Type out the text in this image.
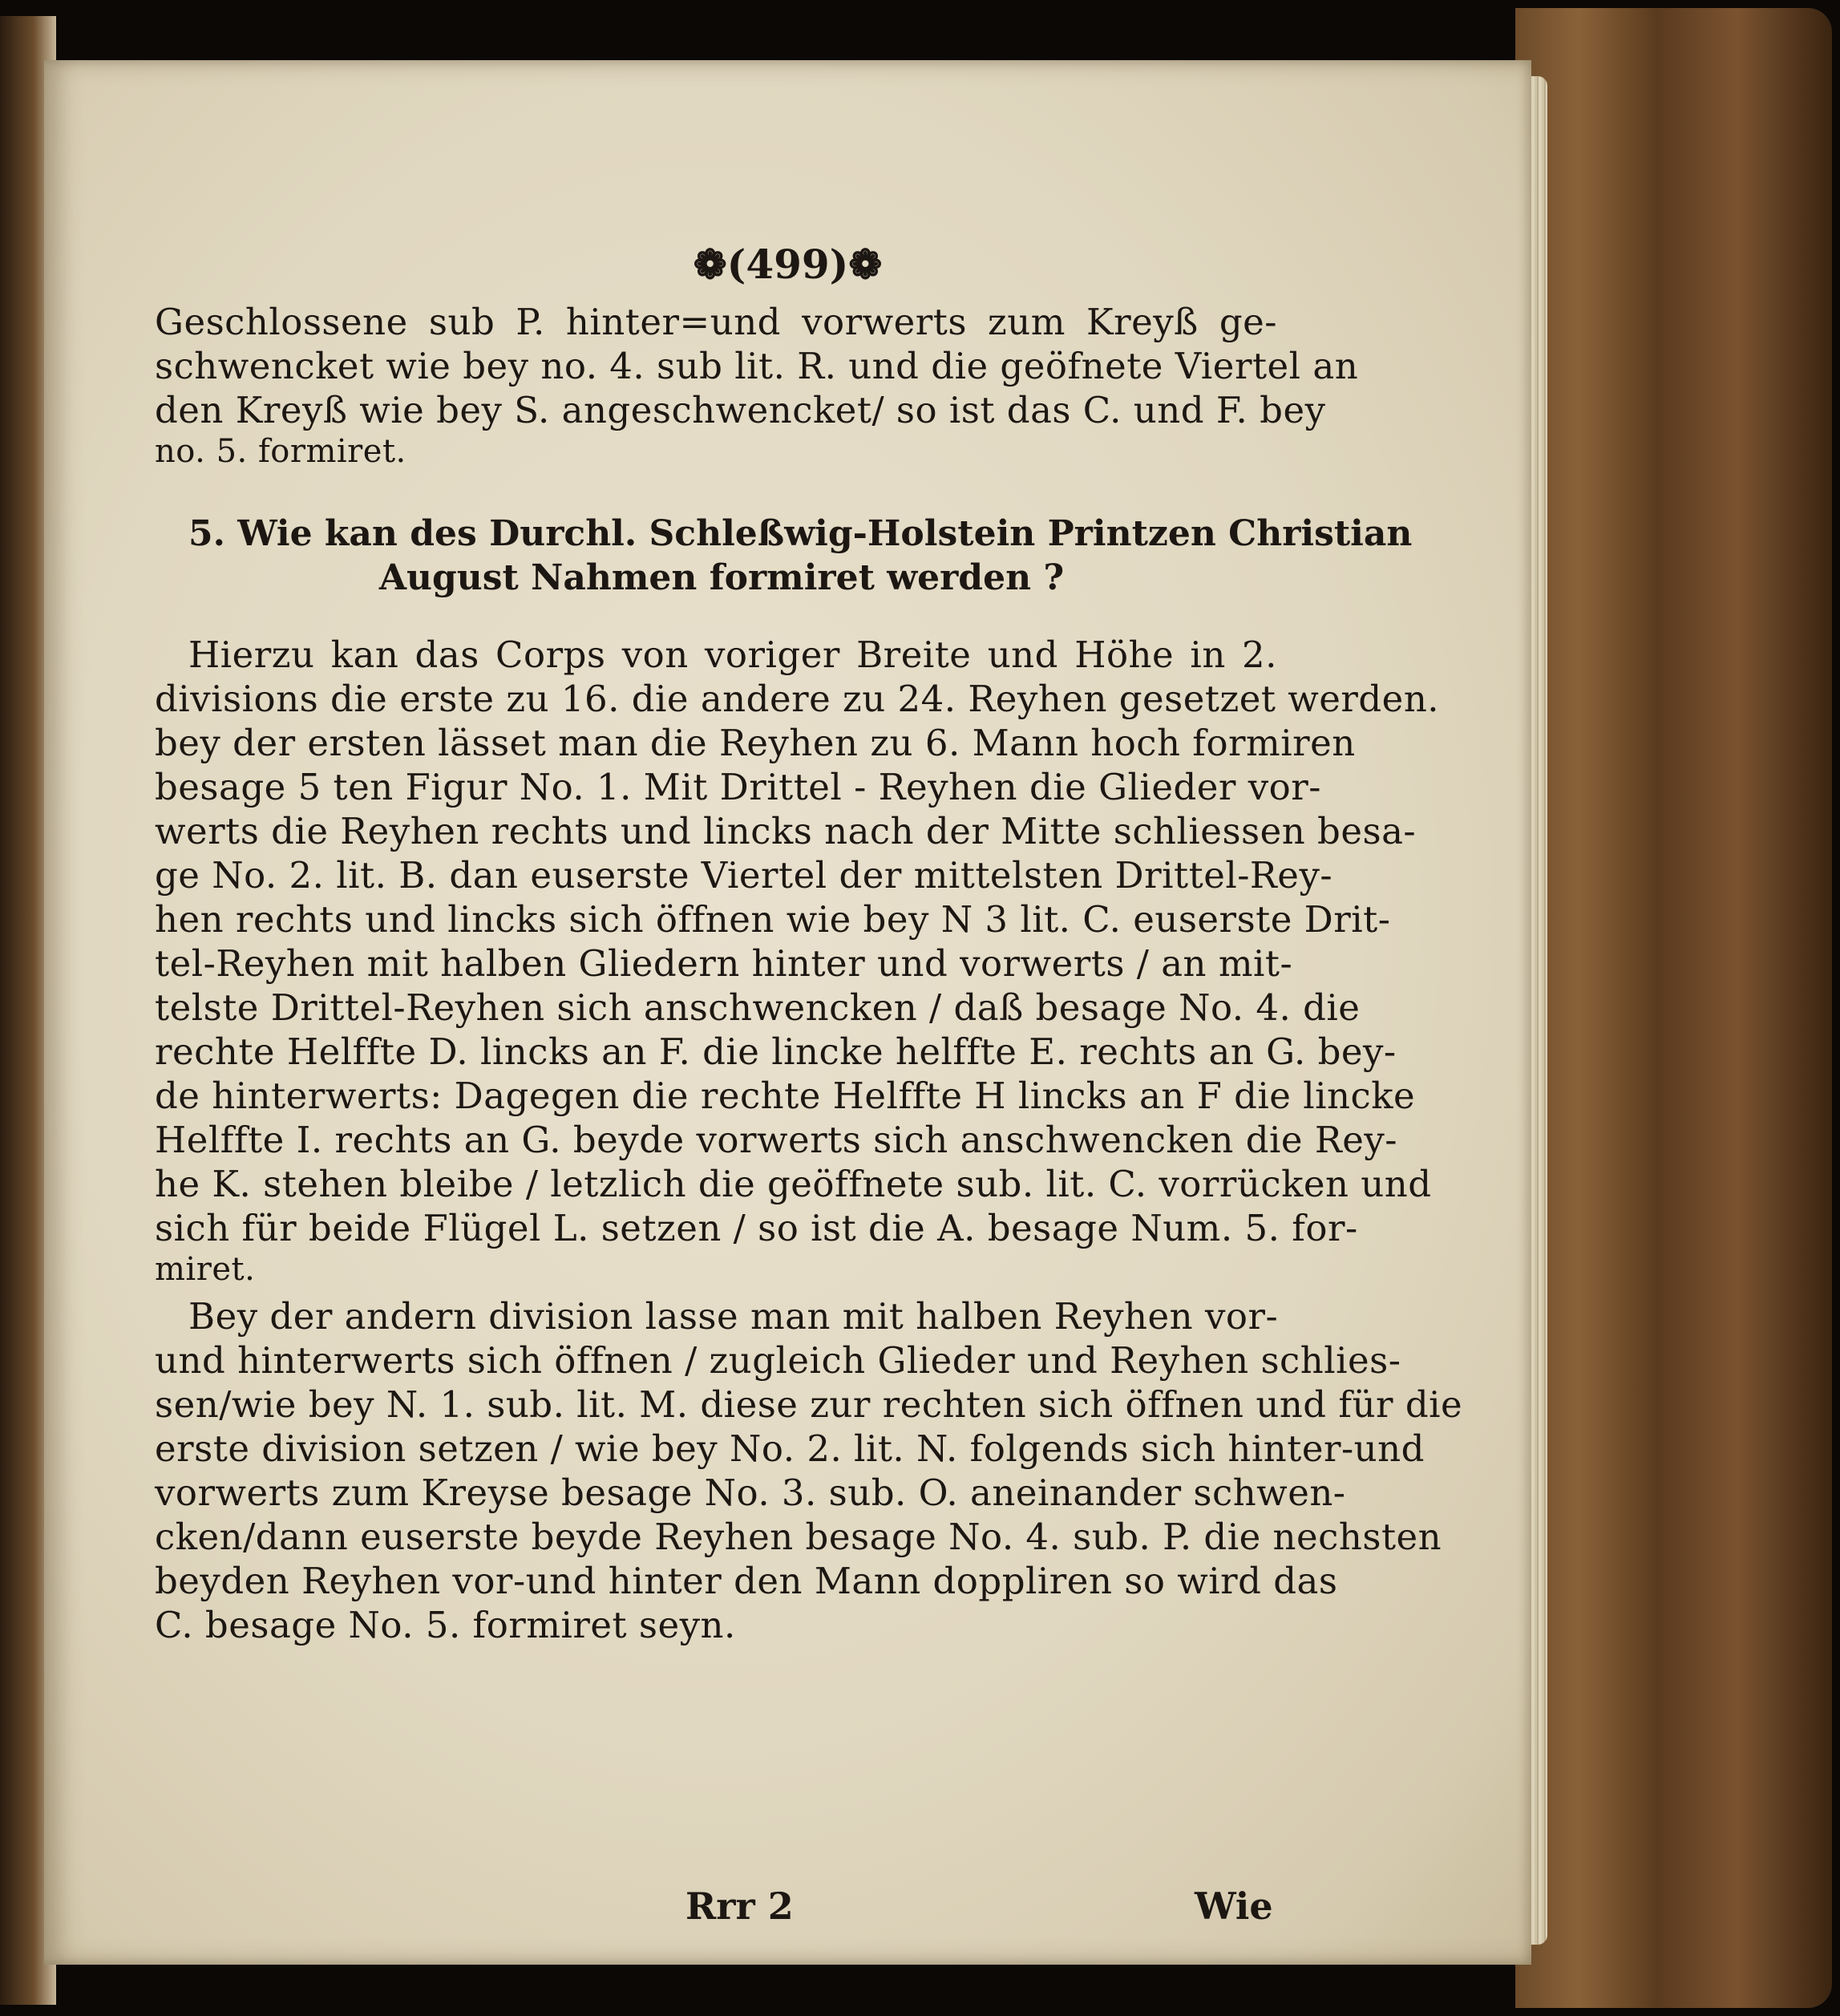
❁(499)❁
Geschlossene sub P. hinter=und vorwerts zum Kreyß ge-
schwencket wie bey no. 4. sub lit. R. und die geöfnete Viertel an
den Kreyß wie bey S. angeschwencket/ so ist das C. und F. bey
no. 5. formiret.
5. Wie kan des Durchl. Schleßwig-Holstein Printzen Christian
August Nahmen formiret werden ?
Hierzu kan das Corps von voriger Breite und Höhe in 2.
divisions die erste zu 16. die andere zu 24. Reyhen gesetzet werden.
bey der ersten lässet man die Reyhen zu 6. Mann hoch formiren
besage 5 ten Figur No. 1. Mit Drittel - Reyhen die Glieder vor-
werts die Reyhen rechts und lincks nach der Mitte schliessen besa-
ge No. 2. lit. B. dan euserste Viertel der mittelsten Drittel-Rey-
hen rechts und lincks sich öffnen wie bey N 3 lit. C. euserste Drit-
tel-Reyhen mit halben Gliedern hinter und vorwerts / an mit-
telste Drittel-Reyhen sich anschwencken / daß besage No. 4. die
rechte Helffte D. lincks an F. die lincke helffte E. rechts an G. bey-
de hinterwerts: Dagegen die rechte Helffte H lincks an F die lincke
Helffte I. rechts an G. beyde vorwerts sich anschwencken die Rey-
he K. stehen bleibe / letzlich die geöffnete sub. lit. C. vorrücken und
sich für beide Flügel L. setzen / so ist die A. besage Num. 5. for-
miret.
Bey der andern division lasse man mit halben Reyhen vor-
und hinterwerts sich öffnen / zugleich Glieder und Reyhen schlies-
sen/wie bey N. 1. sub. lit. M. diese zur rechten sich öffnen und für die
erste division setzen / wie bey No. 2. lit. N. folgends sich hinter-und
vorwerts zum Kreyse besage No. 3. sub. O. aneinander schwen-
cken/dann euserste beyde Reyhen besage No. 4. sub. P. die nechsten
beyden Reyhen vor-und hinter den Mann doppliren so wird das
C. besage No. 5. formiret seyn.
Rrr 2	Wie
